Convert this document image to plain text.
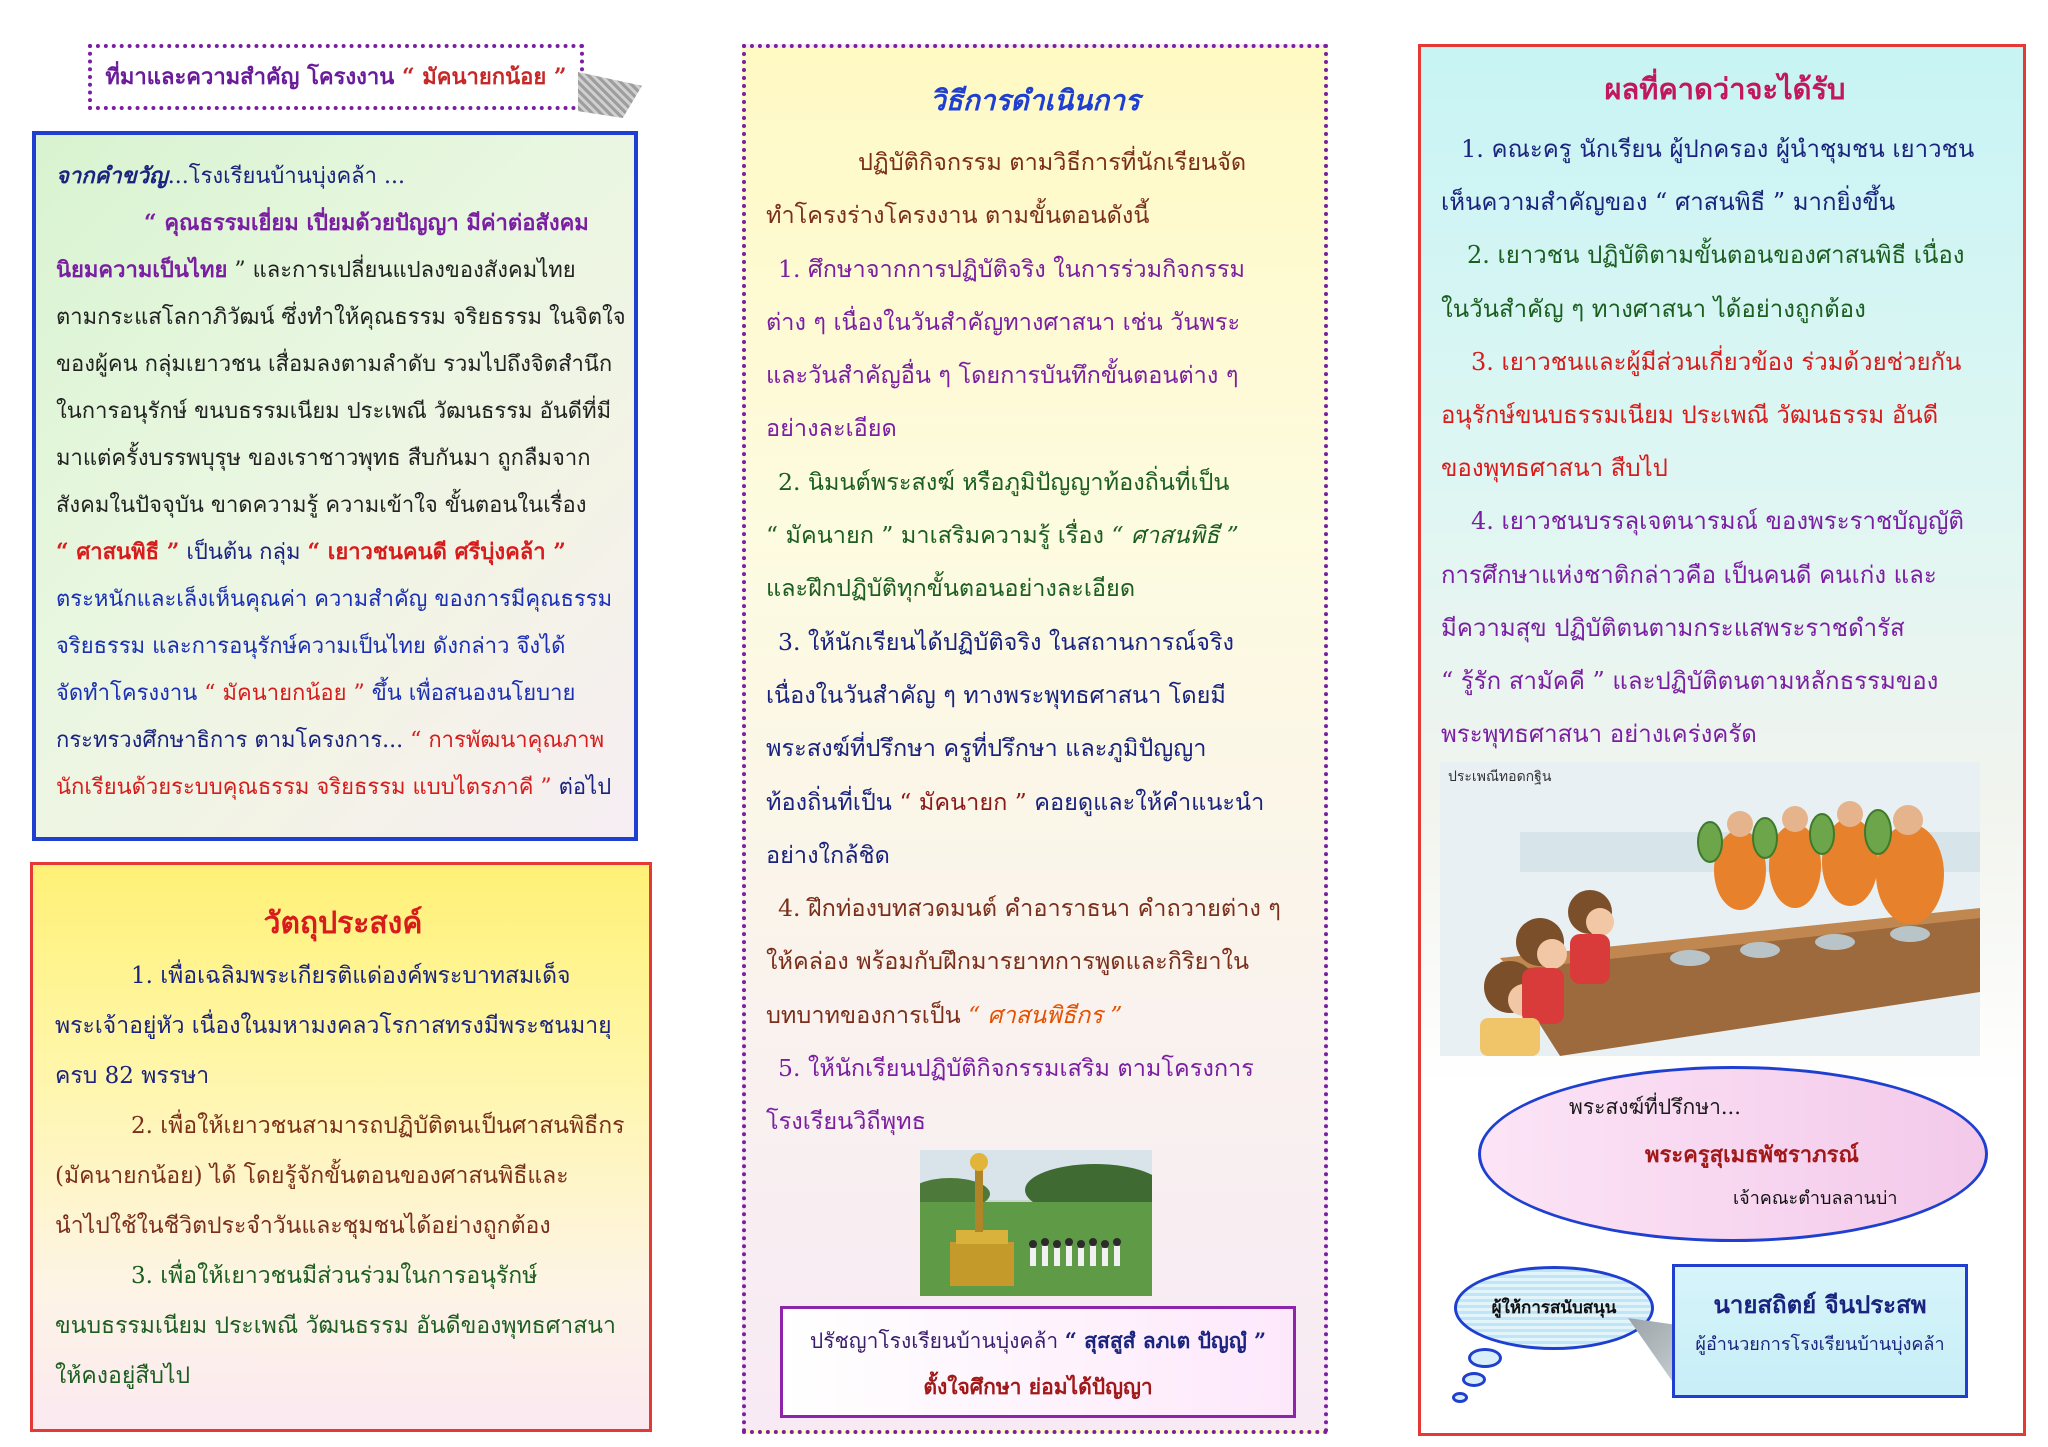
ที่มาและความสำคัญ โครงงาน “ มัคนายกน้อย ”
จากคำขวัญ...โรงเรียนบ้านบุ่งคล้า ...
“ คุณธรรมเยี่ยม เปี่ยมด้วยปัญญา มีค่าต่อสังคม
นิยมความเป็นไทย ” และการเปลี่ยนแปลงของสังคมไทย
ตามกระแสโลกาภิวัฒน์ ซึ่งทำให้คุณธรรม จริยธรรม ในจิตใจ
ของผู้คน กลุ่มเยาวชน เสื่อมลงตามลำดับ รวมไปถึงจิตสำนึก
ในการอนุรักษ์ ขนบธรรมเนียม ประเพณี วัฒนธรรม อันดีที่มี
มาแต่ครั้งบรรพบุรุษ ของเราชาวพุทธ สืบกันมา ถูกลืมจาก
สังคมในปัจจุบัน ขาดความรู้ ความเข้าใจ ขั้นตอนในเรื่อง
“ ศาสนพิธี ” เป็นต้น กลุ่ม “ เยาวชนคนดี ศรีบุ่งคล้า ”
ตระหนักและเล็งเห็นคุณค่า ความสำคัญ ของการมีคุณธรรม
จริยธรรม และการอนุรักษ์ความเป็นไทย ดังกล่าว จึงได้
จัดทำโครงงาน “ มัคนายกน้อย ” ขึ้น เพื่อสนองนโยบาย
กระทรวงศึกษาธิการ ตามโครงการ... “ การพัฒนาคุณภาพ
นักเรียนด้วยระบบคุณธรรม จริยธรรม แบบไตรภาคี ” ต่อไป
วัตถุประสงค์
1. เพื่อเฉลิมพระเกียรติแด่องค์พระบาทสมเด็จ
พระเจ้าอยู่หัว เนื่องในมหามงคลวโรกาสทรงมีพระชนมายุ
ครบ 82 พรรษา
2. เพื่อให้เยาวชนสามารถปฏิบัติตนเป็นศาสนพิธีกร
(มัคนายกน้อย) ได้ โดยรู้จักขั้นตอนของศาสนพิธีและ
นำไปใช้ในชีวิตประจำวันและชุมชนได้อย่างถูกต้อง
3. เพื่อให้เยาวชนมีส่วนร่วมในการอนุรักษ์
ขนบธรรมเนียม ประเพณี วัฒนธรรม อันดีของพุทธศาสนา
ให้คงอยู่สืบไป
วิธีการดำเนินการ
ปฏิบัติกิจกรรม ตามวิธีการที่นักเรียนจัด
ทำโครงร่างโครงงาน ตามขั้นตอนดังนี้
1. ศึกษาจากการปฏิบัติจริง ในการร่วมกิจกรรม
ต่าง ๆ เนื่องในวันสำคัญทางศาสนา เช่น วันพระ
และวันสำคัญอื่น ๆ โดยการบันทึกขั้นตอนต่าง ๆ
อย่างละเอียด
2. นิมนต์พระสงฆ์ หรือภูมิปัญญาท้องถิ่นที่เป็น
“ มัคนายก ” มาเสริมความรู้ เรื่อง “ ศาสนพิธี ”
และฝึกปฏิบัติทุกขั้นตอนอย่างละเอียด
3. ให้นักเรียนได้ปฏิบัติจริง ในสถานการณ์จริง
เนื่องในวันสำคัญ ๆ ทางพระพุทธศาสนา โดยมี
พระสงฆ์ที่ปรึกษา ครูที่ปรึกษา และภูมิปัญญา
ท้องถิ่นที่เป็น “ มัคนายก ” คอยดูและให้คำแนะนำ
อย่างใกล้ชิด
4. ฝึกท่องบทสวดมนต์ คำอาราธนา คำถวายต่าง ๆ
ให้คล่อง พร้อมกับฝึกมารยาทการพูดและกิริยาใน
บทบาทของการเป็น “ ศาสนพิธีกร ”
5. ให้นักเรียนปฏิบัติกิจกรรมเสริม ตามโครงการ
โรงเรียนวิถีพุทธ
ปรัชญาโรงเรียนบ้านบุ่งคล้า “ สุสสูสํ ลภเต ปัญญํ ”
ตั้งใจศึกษา ย่อมได้ปัญญา
ผลที่คาดว่าจะได้รับ
1. คณะครู นักเรียน ผู้ปกครอง ผู้นำชุมชน เยาวชน
เห็นความสำคัญของ “ ศาสนพิธี ” มากยิ่งขึ้น
2. เยาวชน ปฏิบัติตามขั้นตอนของศาสนพิธี เนื่อง
ในวันสำคัญ ๆ ทางศาสนา ได้อย่างถูกต้อง
3. เยาวชนและผู้มีส่วนเกี่ยวข้อง ร่วมด้วยช่วยกัน
อนุรักษ์ขนบธรรมเนียม ประเพณี วัฒนธรรม อันดี
ของพุทธศาสนา สืบไป
4. เยาวชนบรรลุเจตนารมณ์ ของพระราชบัญญัติ
การศึกษาแห่งชาติกล่าวคือ เป็นคนดี คนเก่ง และ
มีความสุข ปฏิบัติตนตามกระแสพระราชดำรัส
“ รู้รัก สามัคคี ” และปฏิบัติตนตามหลักธรรมของ
พระพุทธศาสนา อย่างเคร่งครัด
ประเพณีทอดกฐิน
พระสงฆ์ที่ปรึกษา...
พระครูสุเมธพัชราภรณ์
เจ้าคณะตำบลลานบ่า
ผู้ให้การสนับสนุน	นายสถิตย์ จีนประสพ
ผู้อำนวยการโรงเรียนบ้านบุ่งคล้า
